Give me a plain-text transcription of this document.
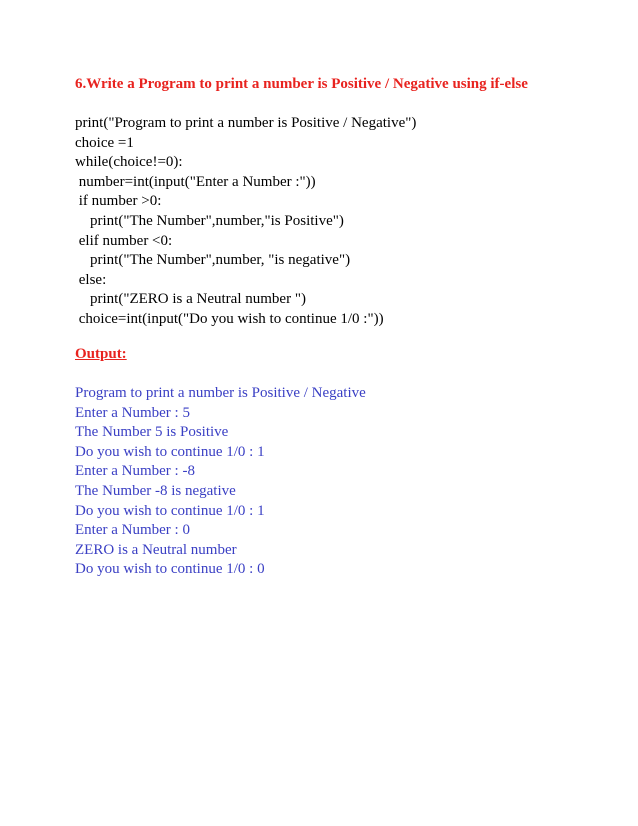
6.Write a Program to print a number is Positive / Negative using if-else
print("Program to print a number is Positive / Negative")
choice =1
while(choice!=0):
number=int(input("Enter a Number :"))
if number >0:
print("The Number",number,"is Positive")
elif number <0:
print("The Number",number, "is negative")
else:
print("ZERO is a Neutral number ")
choice=int(input("Do you wish to continue 1/0 :"))
Output:
Program to print a number is Positive / Negative
Enter a Number : 5
The Number 5 is Positive
Do you wish to continue 1/0 : 1
Enter a Number : -8
The Number -8 is negative
Do you wish to continue 1/0 : 1
Enter a Number : 0
ZERO is a Neutral number
Do you wish to continue 1/0 : 0
